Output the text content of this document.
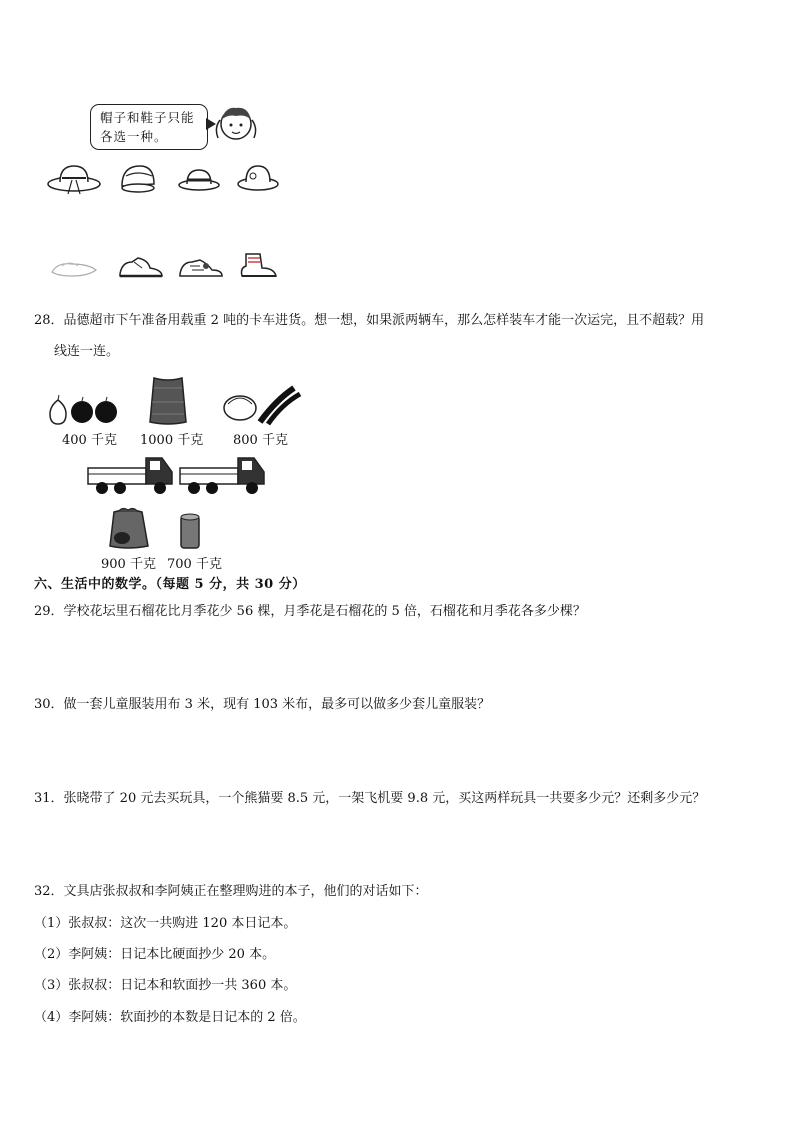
帽子和鞋子只能
各选一种。
28．品德超市下午准备用载重 2 吨的卡车进货。想一想，如果派两辆车，那么怎样装车才能一次运完，且不超载？用
线连一连。
400 千克 1000 千克 800 千克
900 千克 700 千克
六、生活中的数学。（每题 5 分，共 30 分）
29．学校花坛里石榴花比月季花少 56 棵，月季花是石榴花的 5 倍，石榴花和月季花各多少棵？
30．做一套儿童服装用布 3 米，现有 103 米布，最多可以做多少套儿童服装？
31．张晓带了 20 元去买玩具，一个熊猫要 8.5 元，一架飞机要 9.8 元，买这两样玩具一共要多少元？还剩多少元？
32．文具店张叔叔和李阿姨正在整理购进的本子，他们的对话如下：
（1）张叔叔：这次一共购进 120 本日记本。
（2）李阿姨：日记本比硬面抄少 20 本。
（3）张叔叔：日记本和软面抄一共 360 本。
（4）李阿姨：软面抄的本数是日记本的 2 倍。
